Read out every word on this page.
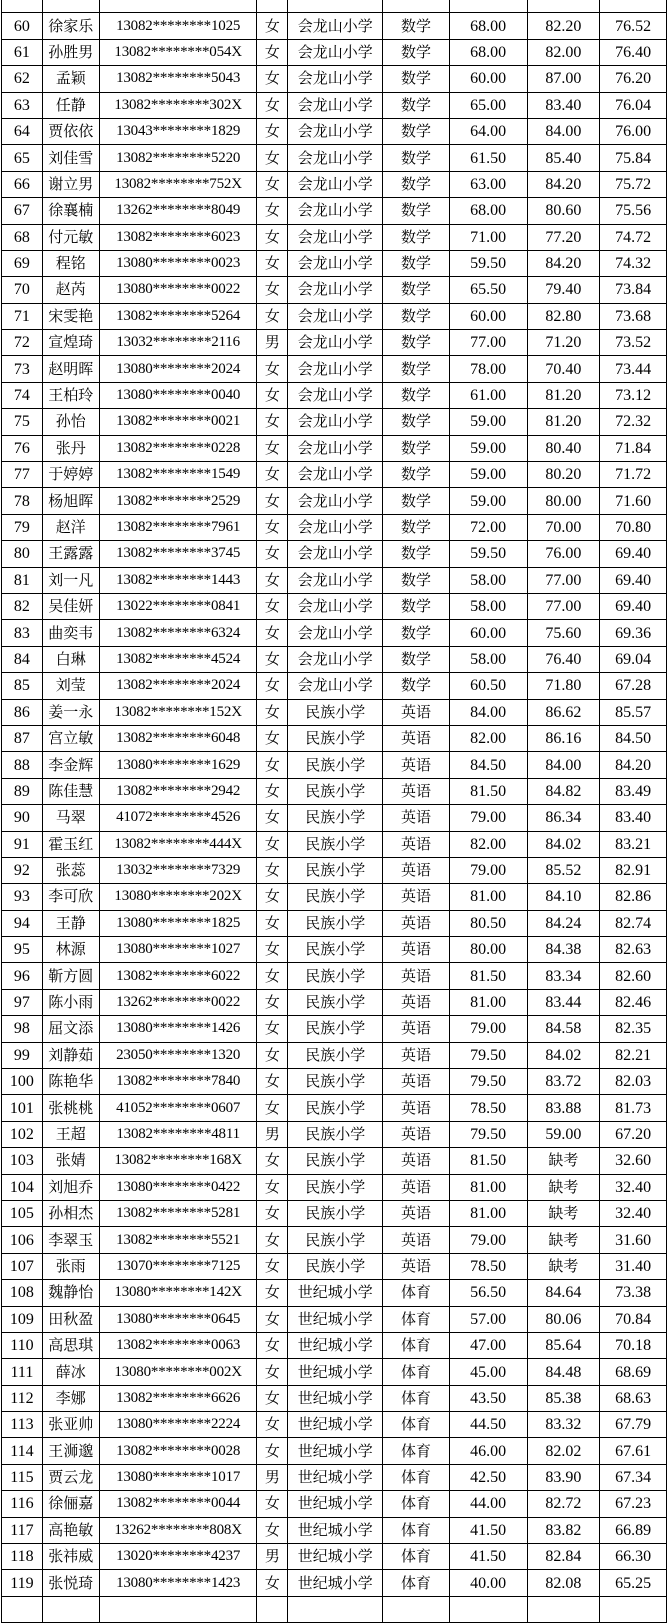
60	徐家乐	13082********1025	女	会龙山小学	数学	68.00	82.20	76.52
61	孙胜男	13082********054X	女	会龙山小学	数学	68.00	82.00	76.40
62	孟颖	13082********5043	女	会龙山小学	数学	60.00	87.00	76.20
63	任静	13082********302X	女	会龙山小学	数学	65.00	83.40	76.04
64	贾依依	13043********1829	女	会龙山小学	数学	64.00	84.00	76.00
65	刘佳雪	13082********5220	女	会龙山小学	数学	61.50	85.40	75.84
66	谢立男	13082********752X	女	会龙山小学	数学	63.00	84.20	75.72
67	徐襄楠	13262********8049	女	会龙山小学	数学	68.00	80.60	75.56
68	付元敏	13082********6023	女	会龙山小学	数学	71.00	77.20	74.72
69	程铭	13080********0023	女	会龙山小学	数学	59.50	84.20	74.32
70	赵芮	13080********0022	女	会龙山小学	数学	65.50	79.40	73.84
71	宋雯艳	13082********5264	女	会龙山小学	数学	60.00	82.80	73.68
72	宣煌琦	13032********2116	男	会龙山小学	数学	77.00	71.20	73.52
73	赵明晖	13080********2024	女	会龙山小学	数学	78.00	70.40	73.44
74	王柏玲	13080********0040	女	会龙山小学	数学	61.00	81.20	73.12
75	孙怡	13082********0021	女	会龙山小学	数学	59.00	81.20	72.32
76	张丹	13082********0228	女	会龙山小学	数学	59.00	80.40	71.84
77	于婷婷	13082********1549	女	会龙山小学	数学	59.00	80.20	71.72
78	杨旭晖	13082********2529	女	会龙山小学	数学	59.00	80.00	71.60
79	赵洋	13082********7961	女	会龙山小学	数学	72.00	70.00	70.80
80	王露露	13082********3745	女	会龙山小学	数学	59.50	76.00	69.40
81	刘一凡	13082********1443	女	会龙山小学	数学	58.00	77.00	69.40
82	吴佳妍	13022********0841	女	会龙山小学	数学	58.00	77.00	69.40
83	曲奕韦	13082********6324	女	会龙山小学	数学	60.00	75.60	69.36
84	白琳	13082********4524	女	会龙山小学	数学	58.00	76.40	69.04
85	刘莹	13082********2024	女	会龙山小学	数学	60.50	71.80	67.28
86	姜一永	13082********152X	女	民族小学	英语	84.00	86.62	85.57
87	宫立敏	13082********6048	女	民族小学	英语	82.00	86.16	84.50
88	李金辉	13080********1629	女	民族小学	英语	84.50	84.00	84.20
89	陈佳慧	13082********2942	女	民族小学	英语	81.50	84.82	83.49
90	马翠	41072********4526	女	民族小学	英语	79.00	86.34	83.40
91	霍玉红	13082********444X	女	民族小学	英语	82.00	84.02	83.21
92	张蕊	13032********7329	女	民族小学	英语	79.00	85.52	82.91
93	李可欣	13080********202X	女	民族小学	英语	81.00	84.10	82.86
94	王静	13080********1825	女	民族小学	英语	80.50	84.24	82.74
95	林源	13080********1027	女	民族小学	英语	80.00	84.38	82.63
96	靳方圆	13082********6022	女	民族小学	英语	81.50	83.34	82.60
97	陈小雨	13262********0022	女	民族小学	英语	81.00	83.44	82.46
98	屈文添	13080********1426	女	民族小学	英语	79.00	84.58	82.35
99	刘静茹	23050********1320	女	民族小学	英语	79.50	84.02	82.21
100	陈艳华	13082********7840	女	民族小学	英语	79.50	83.72	82.03
101	张桃桃	41052********0607	女	民族小学	英语	78.50	83.88	81.73
102	王超	13082********4811	男	民族小学	英语	79.50	59.00	67.20
103	张婧	13082********168X	女	民族小学	英语	81.50	缺考	32.60
104	刘旭乔	13080********0422	女	民族小学	英语	81.00	缺考	32.40
105	孙相杰	13082********5281	女	民族小学	英语	81.00	缺考	32.40
106	李翠玉	13082********5521	女	民族小学	英语	79.00	缺考	31.60
107	张雨	13070********7125	女	民族小学	英语	78.50	缺考	31.40
108	魏静怡	13080********142X	女	世纪城小学	体育	56.50	84.64	73.38
109	田秋盈	13080********0645	女	世纪城小学	体育	57.00	80.06	70.84
110	高思琪	13082********0063	女	世纪城小学	体育	47.00	85.64	70.18
111	薛冰	13080********002X	女	世纪城小学	体育	45.00	84.48	68.69
112	李娜	13082********6626	女	世纪城小学	体育	43.50	85.38	68.63
113	张亚帅	13080********2224	女	世纪城小学	体育	44.50	83.32	67.79
114	王浉邈	13082********0028	女	世纪城小学	体育	46.00	82.02	67.61
115	贾云龙	13080********1017	男	世纪城小学	体育	42.50	83.90	67.34
116	徐俪嘉	13082********0044	女	世纪城小学	体育	44.00	82.72	67.23
117	高艳敏	13262********808X	女	世纪城小学	体育	41.50	83.82	66.89
118	张祎威	13020********4237	男	世纪城小学	体育	41.50	82.84	66.30
119	张悦琦	13080********1423	女	世纪城小学	体育	40.00	82.08	65.25
